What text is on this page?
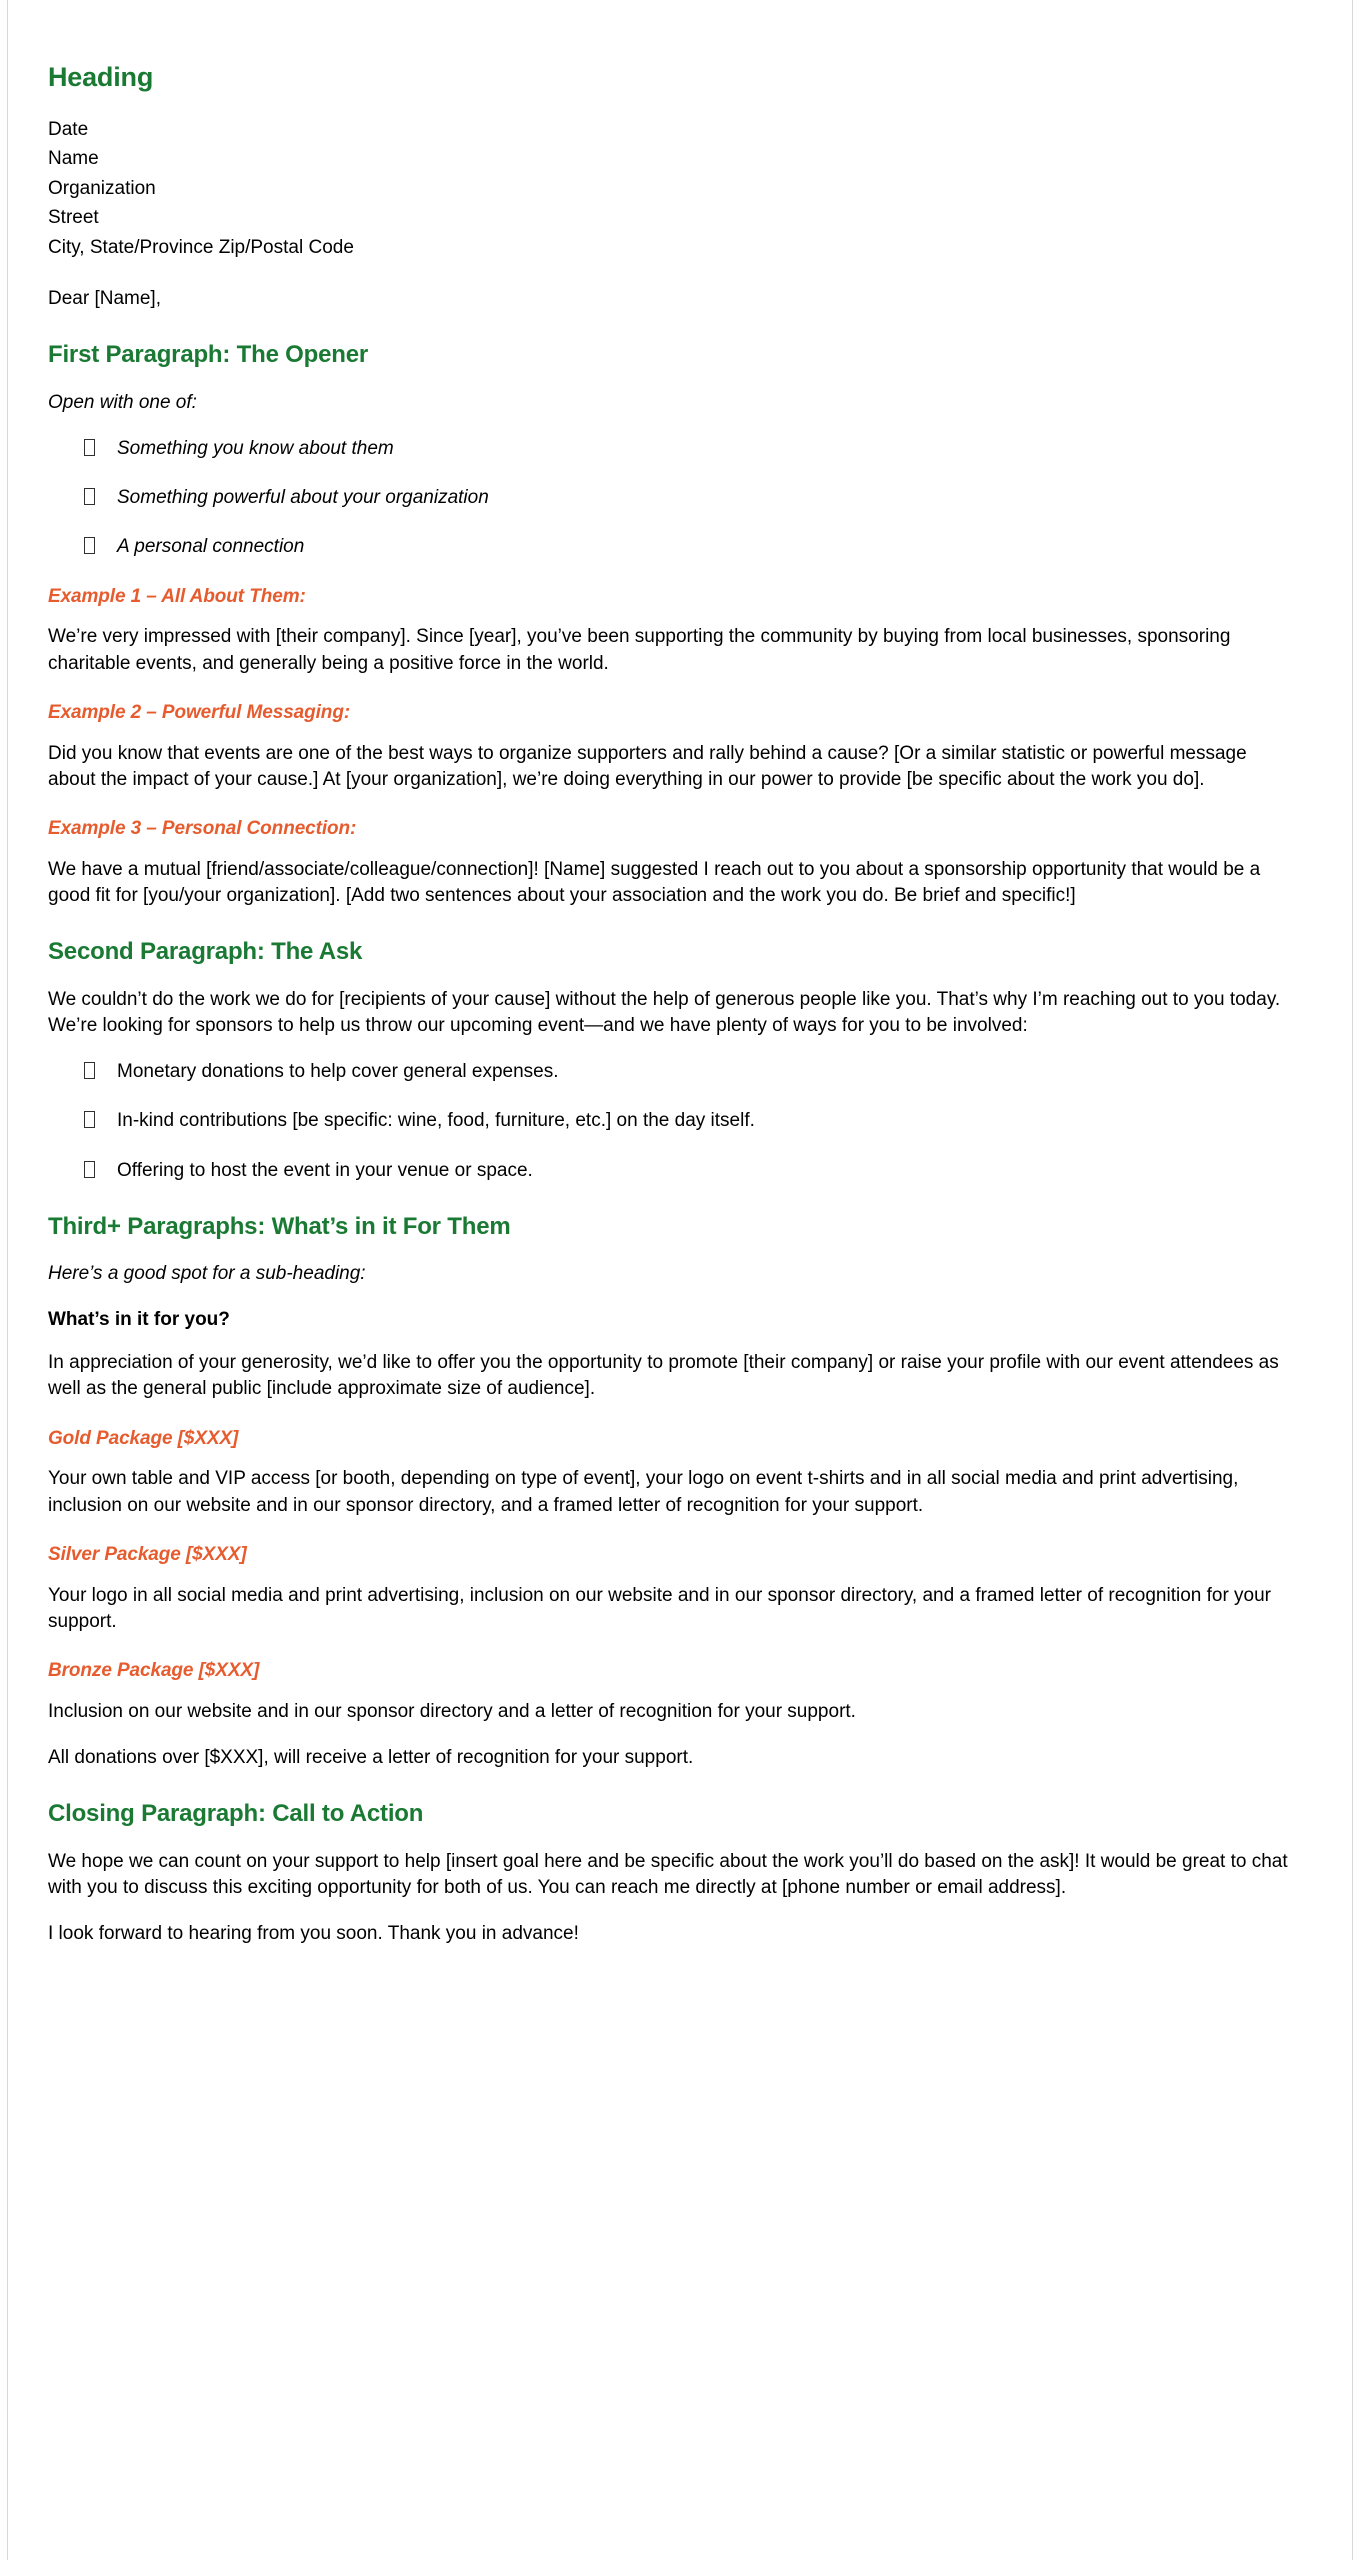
Heading
Date
Name
Organization
Street
City, State/Province Zip/Postal Code

Dear [Name],

First Paragraph: The Opener

Open with one of:

Something you know about them
Something powerful about your organization
A personal connection
Example 1 – All About Them:

We’re very impressed with [their company]. Since [year], you’ve been supporting the community by buying from local businesses, sponsoring charitable events, and generally being a positive force in the world.

Example 2 – Powerful Messaging:

Did you know that events are one of the best ways to organize supporters and rally behind a cause? [Or a similar statistic or powerful message about the impact of your cause.] At [your organization], we’re doing everything in our power to provide [be specific about the work you do].

Example 3 – Personal Connection:

We have a mutual [friend/associate/colleague/connection]! [Name] suggested I reach out to you about a sponsorship opportunity that would be a good fit for [you/your organization]. [Add two sentences about your association and the work you do. Be brief and specific!]

Second Paragraph: The Ask

We couldn’t do the work we do for [recipients of your cause] without the help of generous people like you. That’s why I’m reaching out to you today. We’re looking for sponsors to help us throw our upcoming event—and we have plenty of ways for you to be involved:

Monetary donations to help cover general expenses.
In-kind contributions [be specific: wine, food, furniture, etc.] on the day itself.
Offering to host the event in your venue or space.
Third+ Paragraphs: What’s in it For Them

Here’s a good spot for a sub-heading:

What’s in it for you?

In appreciation of your generosity, we’d like to offer you the opportunity to promote [their company] or raise your profile with our event attendees as well as the general public [include approximate size of audience].

Gold Package [$XXX]

Your own table and VIP access [or booth, depending on type of event], your logo on event t-shirts and in all social media and print advertising, inclusion on our website and in our sponsor directory, and a framed letter of recognition for your support.

Silver Package [$XXX]

Your logo in all social media and print advertising, inclusion on our website and in our sponsor directory, and a framed letter of recognition for your support.

Bronze Package [$XXX]

Inclusion on our website and in our sponsor directory and a letter of recognition for your support.

All donations over [$XXX], will receive a letter of recognition for your support.

Closing Paragraph: Call to Action

We hope we can count on your support to help [insert goal here and be specific about the work you’ll do based on the ask]! It would be great to chat with you to discuss this exciting opportunity for both of us. You can reach me directly at [phone number or email address].

I look forward to hearing from you soon. Thank you in advance!
